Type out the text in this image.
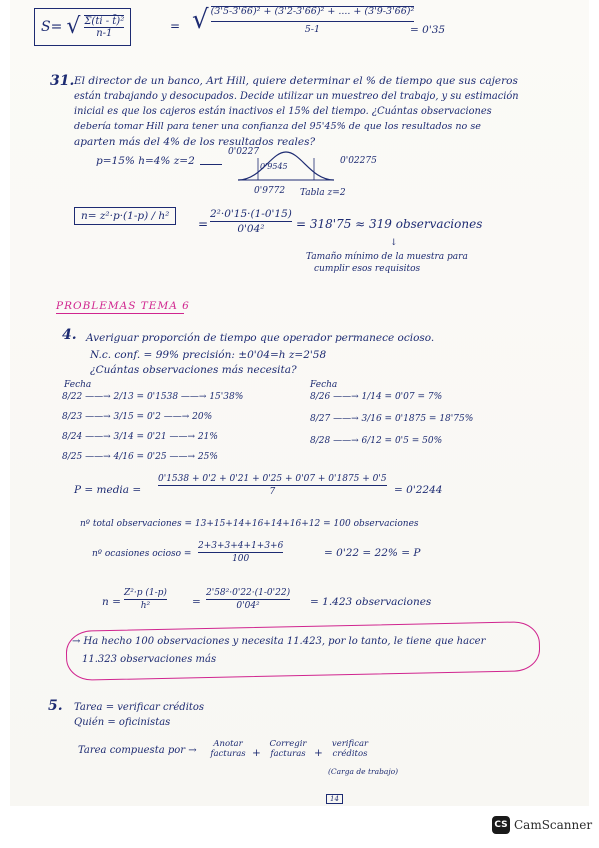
S= √ Σ(ti - t̄)²
n-1
= √ (3'5-3'66)² + (3'2-3'66)² + .... + (3'9-3'66)²
5-1	= 0'35
31. El director de un banco, Art Hill, quiere determinar el % de tiempo que sus cajeros
están trabajando y desocupados. Decide utilizar un muestreo del trabajo, y su estimación
inicial es que los cajeros están inactivos el 15% del tiempo. ¿Cuántas observaciones
debería tomar Hill para tener una confianza del 95'45% de que los resultados no se
aparten más del 4% de los resultados reales?
p=15% h=4% z=2
0'0227
0'9545
0'02275
0'9772 Tabla z=2
n= z²·p·(1-p) / h²
=
2²·0'15·(1-0'15)
0'04²	= 318'75 ≈ 319 observaciones
↓
Tamaño mínimo de la muestra para
cumplir esos requisitos
PROBLEMAS TEMA 6
4. Averiguar proporción de tiempo que operador permanece ocioso.
N.c. conf. = 99% precisión: ±0'04=h z=2'58
¿Cuántas observaciones más necesita?
Fecha
8/22 ——→ 2/13 = 0'1538 ——→ 15'38%
8/23 ——→ 3/15 = 0'2 ——→ 20%
8/24 ——→ 3/14 = 0'21 ——→ 21%
8/25 ——→ 4/16 = 0'25 ——→ 25%
Fecha
8/26 ——→ 1/14 = 0'07 = 7%
8/27 ——→ 3/16 = 0'1875 = 18'75%
8/28 ——→ 6/12 = 0'5 = 50%
P = media =
0'1538 + 0'2 + 0'21 + 0'25 + 0'07 + 0'1875 + 0'5
7	= 0'2244
nº total observaciones = 13+15+14+16+14+16+12 = 100 observaciones
nº ocasiones ocioso =
2+3+3+4+1+3+6
100
= 0'22 = 22% = P
n =
Z²·p (1-p)
h²	=
2'58²·0'22·(1-0'22)
0'04²	= 1.423 observaciones
→ Ha hecho 100 observaciones y necesita 11.423, por lo tanto, le tiene que hacer
11.323 observaciones más
5. Tarea = verificar créditos
Quién = oficinistas
Tarea compuesta por →
Anotar facturas +
Corregir facturas +
verificar créditos
(Carga de trabajo)
14
CS CamScanner
